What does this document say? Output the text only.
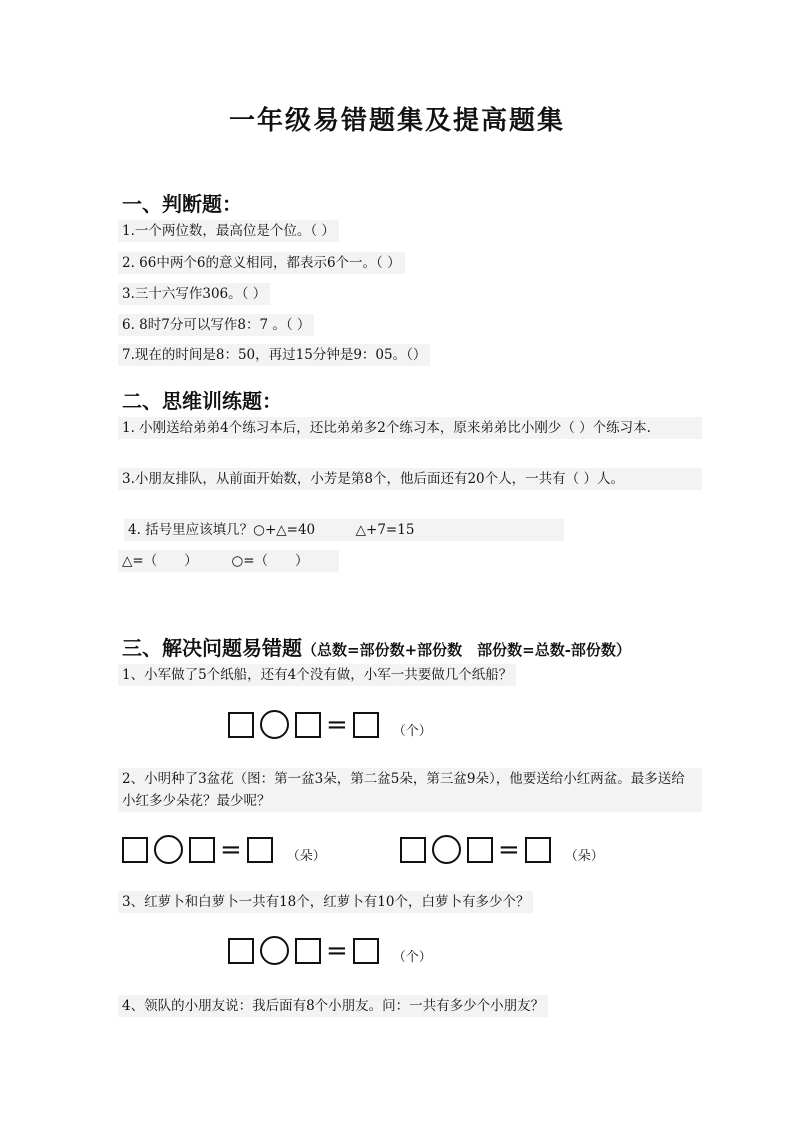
一年级易错题集及提高题集
一、判断题：
1.一个两位数，最高位是个位。（ ）
2. 66中两个6的意义相同，都表示6个一。（ ）
3.三十六写作306。（ ）
6. 8时7分可以写作8：7 。（ ）
7.现在的时间是8：50，再过15分钟是9：05。（）
二、思维训练题：
1. 小刚送给弟弟4个练习本后，还比弟弟多2个练习本，原来弟弟比小刚少（ ）个练习本.
3.小朋友排队，从前面开始数，小芳是第8个，他后面还有20个人，一共有（ ）人。
4. 括号里应该填几？○+△=40　　　△+7=15
△=（　　）　　　○=（　　）
三、解决问题易错题（总数=部份数+部份数　部份数=总数-部份数）
1、小军做了5个纸船，还有4个没有做，小军一共要做几个纸船？
=	（个）
2、小明种了3盆花（图：第一盆3朵，第二盆5朵，第三盆9朵），他要送给小红两盆。最多送给小红多少朵花？最少呢？
=	（朵）	=	（朵）
3、红萝卜和白萝卜一共有18个，红萝卜有10个，白萝卜有多少个？
=	（个）
4、领队的小朋友说：我后面有8个小朋友。问：一共有多少个小朋友？
